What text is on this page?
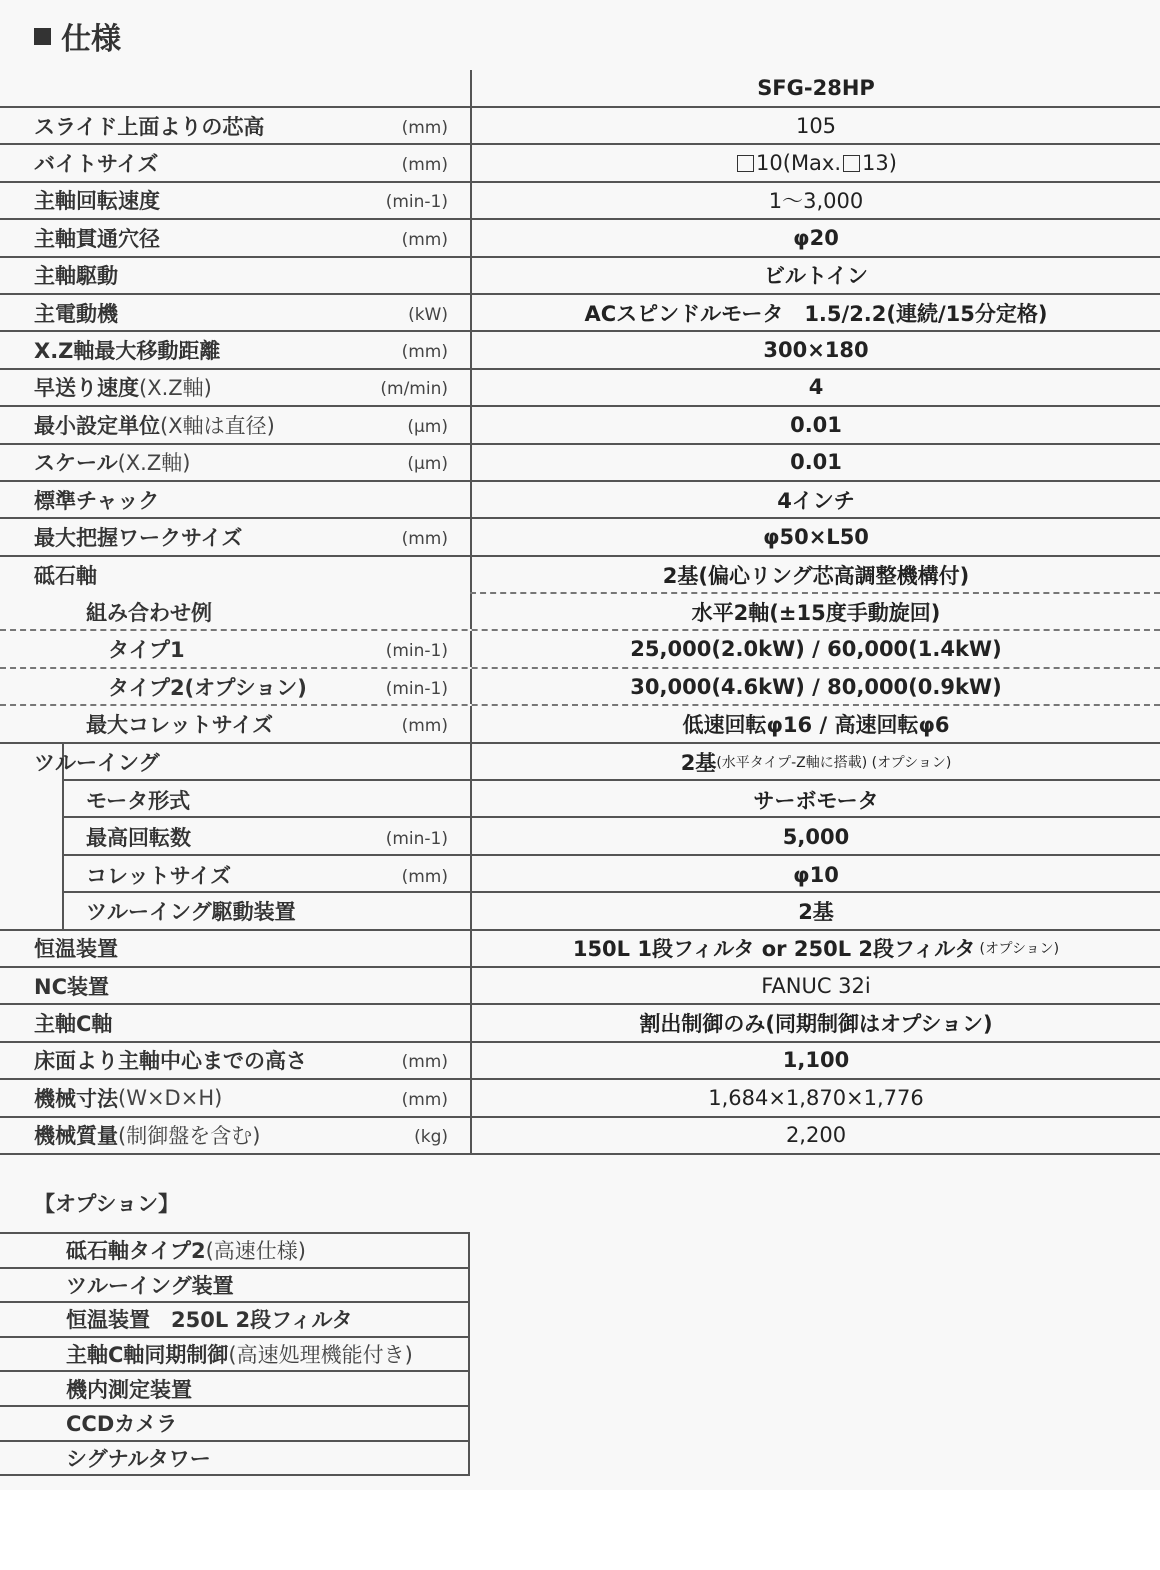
仕様
SFG-28HP
スライド上面よりの芯高	(mm)	105
バイトサイズ	(mm)	10 (Max. 13)
主軸回転速度	(min-1)	1〜3,000
主軸貫通穴径	(mm)	φ20
主軸駆動	ビルトイン
主電動機	(kW)	ACスピンドルモータ　1.5/2.2(連続/15分定格)
X.Z軸最大移動距離	(mm)	300×180
早送り速度 (X.Z軸)	(m/min)	4
最小設定単位 (X軸は直径)	(μm)	0.01
スケール (X.Z軸)	(μm)	0.01
標準チャック	4インチ
最大把握ワークサイズ	(mm)	φ50×L50
砥石軸	2基(偏心リング芯高調整機構付)
組み合わせ例	水平2軸(±15度手動旋回)
タイプ1	(min-1)	25,000(2.0kW) / 60,000(1.4kW)
タイプ2(オプション)	(min-1)	30,000(4.6kW) / 80,000(0.9kW)
最大コレットサイズ	(mm)	低速回転φ16 / 高速回転φ6
ツルーイング	2基 (水平タイプ-Z軸に搭載) (オプション)
モータ形式	サーボモータ
最高回転数	(min-1)	5,000
コレットサイズ	(mm)	φ10
ツルーイング駆動装置	2基
恒温装置	150L 1段フィルタ or 250L 2段フィルタ (オプション)
NC装置	FANUC 32i
主軸C軸	割出制御のみ(同期制御はオプション)
床面より主軸中心までの高さ	(mm)	1,100
機械寸法 (W×D×H)	(mm)	1,684×1,870×1,776
機械質量 (制御盤を含む)	(kg)	2,200
【オプション】
砥石軸タイプ2 (高速仕様)
ツルーイング装置
恒温装置　250L 2段フィルタ
主軸C軸同期制御 (高速処理機能付き)
機内測定装置
CCDカメラ
シグナルタワー
